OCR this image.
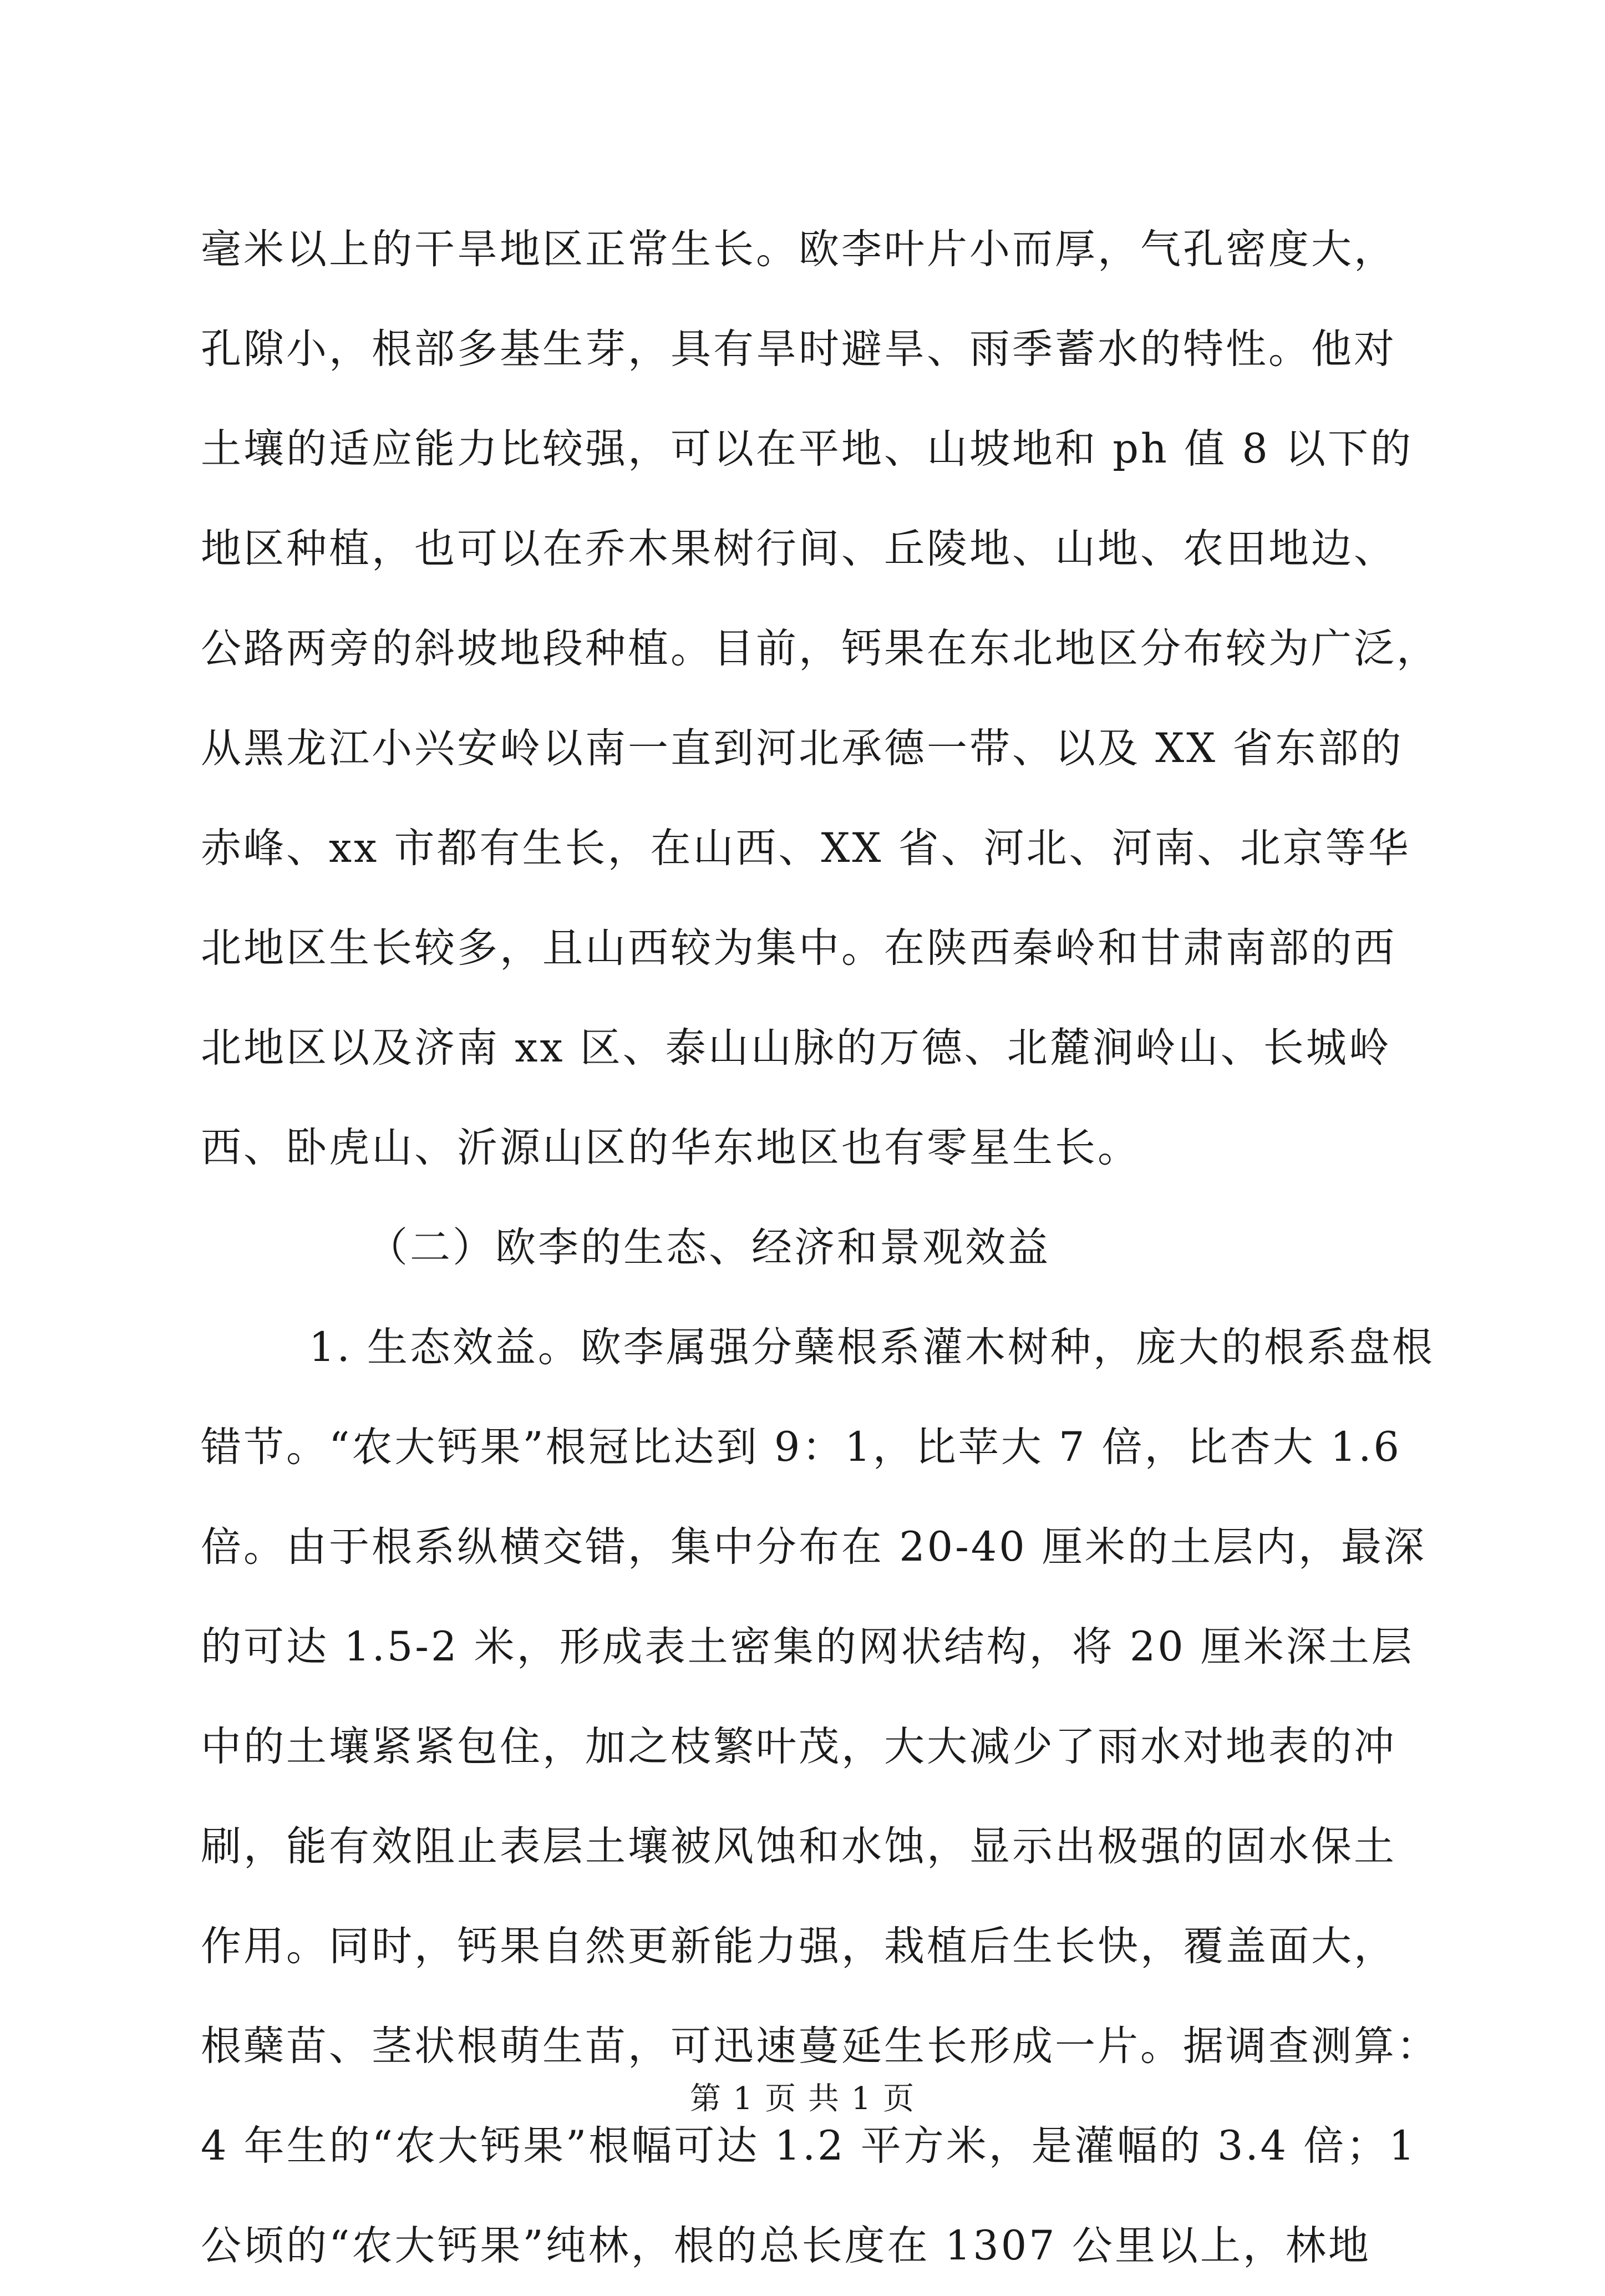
毫米以上的干旱地区正常生长。欧李叶片小而厚，气孔密度大，
孔隙小，根部多基生芽，具有旱时避旱、雨季蓄水的特性。他对
土壤的适应能力比较强，可以在平地、山坡地和 ph 值 8 以下的
地区种植，也可以在乔木果树行间、丘陵地、山地、农田地边、
公路两旁的斜坡地段种植。目前，钙果在东北地区分布较为广泛，
从黑龙江小兴安岭以南一直到河北承德一带、以及 XX 省东部的
赤峰、xx 市都有生长，在山西、XX 省、河北、河南、北京等华
北地区生长较多，且山西较为集中。在陕西秦岭和甘肃南部的西
北地区以及济南 xx 区、泰山山脉的万德、北麓涧岭山、长城岭
西、卧虎山、沂源山区的华东地区也有零星生长。
（二）欧李的生态、经济和景观效益
1. 生态效益。欧李属强分蘖根系灌木树种，庞大的根系盘根
错节。“农大钙果”根冠比达到 9：1，比苹大 7 倍，比杏大 1.6
倍。由于根系纵横交错，集中分布在 20-40 厘米的土层内，最深
的可达 1.5-2 米，形成表土密集的网状结构，将 20 厘米深土层
中的土壤紧紧包住，加之枝繁叶茂，大大减少了雨水对地表的冲
刷，能有效阻止表层土壤被风蚀和水蚀，显示出极强的固水保土
作用。同时，钙果自然更新能力强，栽植后生长快，覆盖面大，
根蘖苗、茎状根萌生苗，可迅速蔓延生长形成一片。据调查测算：
4 年生的“农大钙果”根幅可达 1.2 平方米，是灌幅的 3.4 倍；1
公顷的“农大钙果”纯林，根的总长度在 1307 公里以上，林地
第 1 页 共 1 页
